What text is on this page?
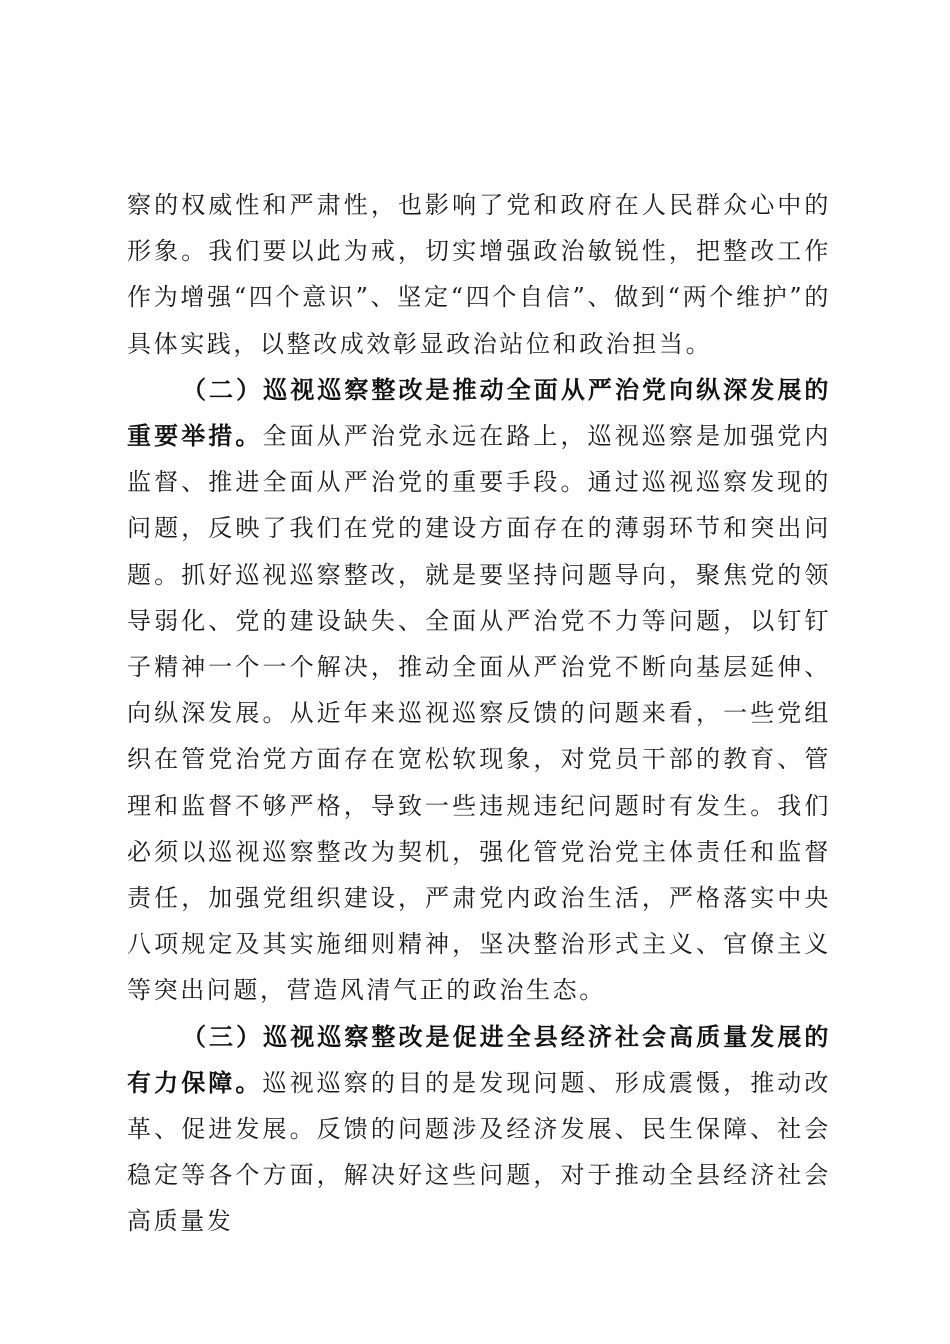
察的权威性和严肃性，也影响了党和政府在人民群众心中的形象。我们要以此为戒，切实增强政治敏锐性，把整改工作作为增强“四个意识”、坚定“四个自信”、做到“两个维护”的具体实践，以整改成效彰显政治站位和政治担当。

（二）巡视巡察整改是推动全面从严治党向纵深发展的重要举措。全面从严治党永远在路上，巡视巡察是加强党内监督、推进全面从严治党的重要手段。通过巡视巡察发现的问题，反映了我们在党的建设方面存在的薄弱环节和突出问题。抓好巡视巡察整改，就是要坚持问题导向，聚焦党的领导弱化、党的建设缺失、全面从严治党不力等问题，以钉钉子精神一个一个解决，推动全面从严治党不断向基层延伸、向纵深发展。从近年来巡视巡察反馈的问题来看，一些党组织在管党治党方面存在宽松软现象，对党员干部的教育、管理和监督不够严格，导致一些违规违纪问题时有发生。我们必须以巡视巡察整改为契机，强化管党治党主体责任和监督责任，加强党组织建设，严肃党内政治生活，严格落实中央八项规定及其实施细则精神，坚决整治形式主义、官僚主义等突出问题，营造风清气正的政治生态。

（三）巡视巡察整改是促进全县经济社会高质量发展的有力保障。巡视巡察的目的是发现问题、形成震慑，推动改革、促进发展。反馈的问题涉及经济发展、民生保障、社会稳定等各个方面，解决好这些问题，对于推动全县经济社会高质量发
